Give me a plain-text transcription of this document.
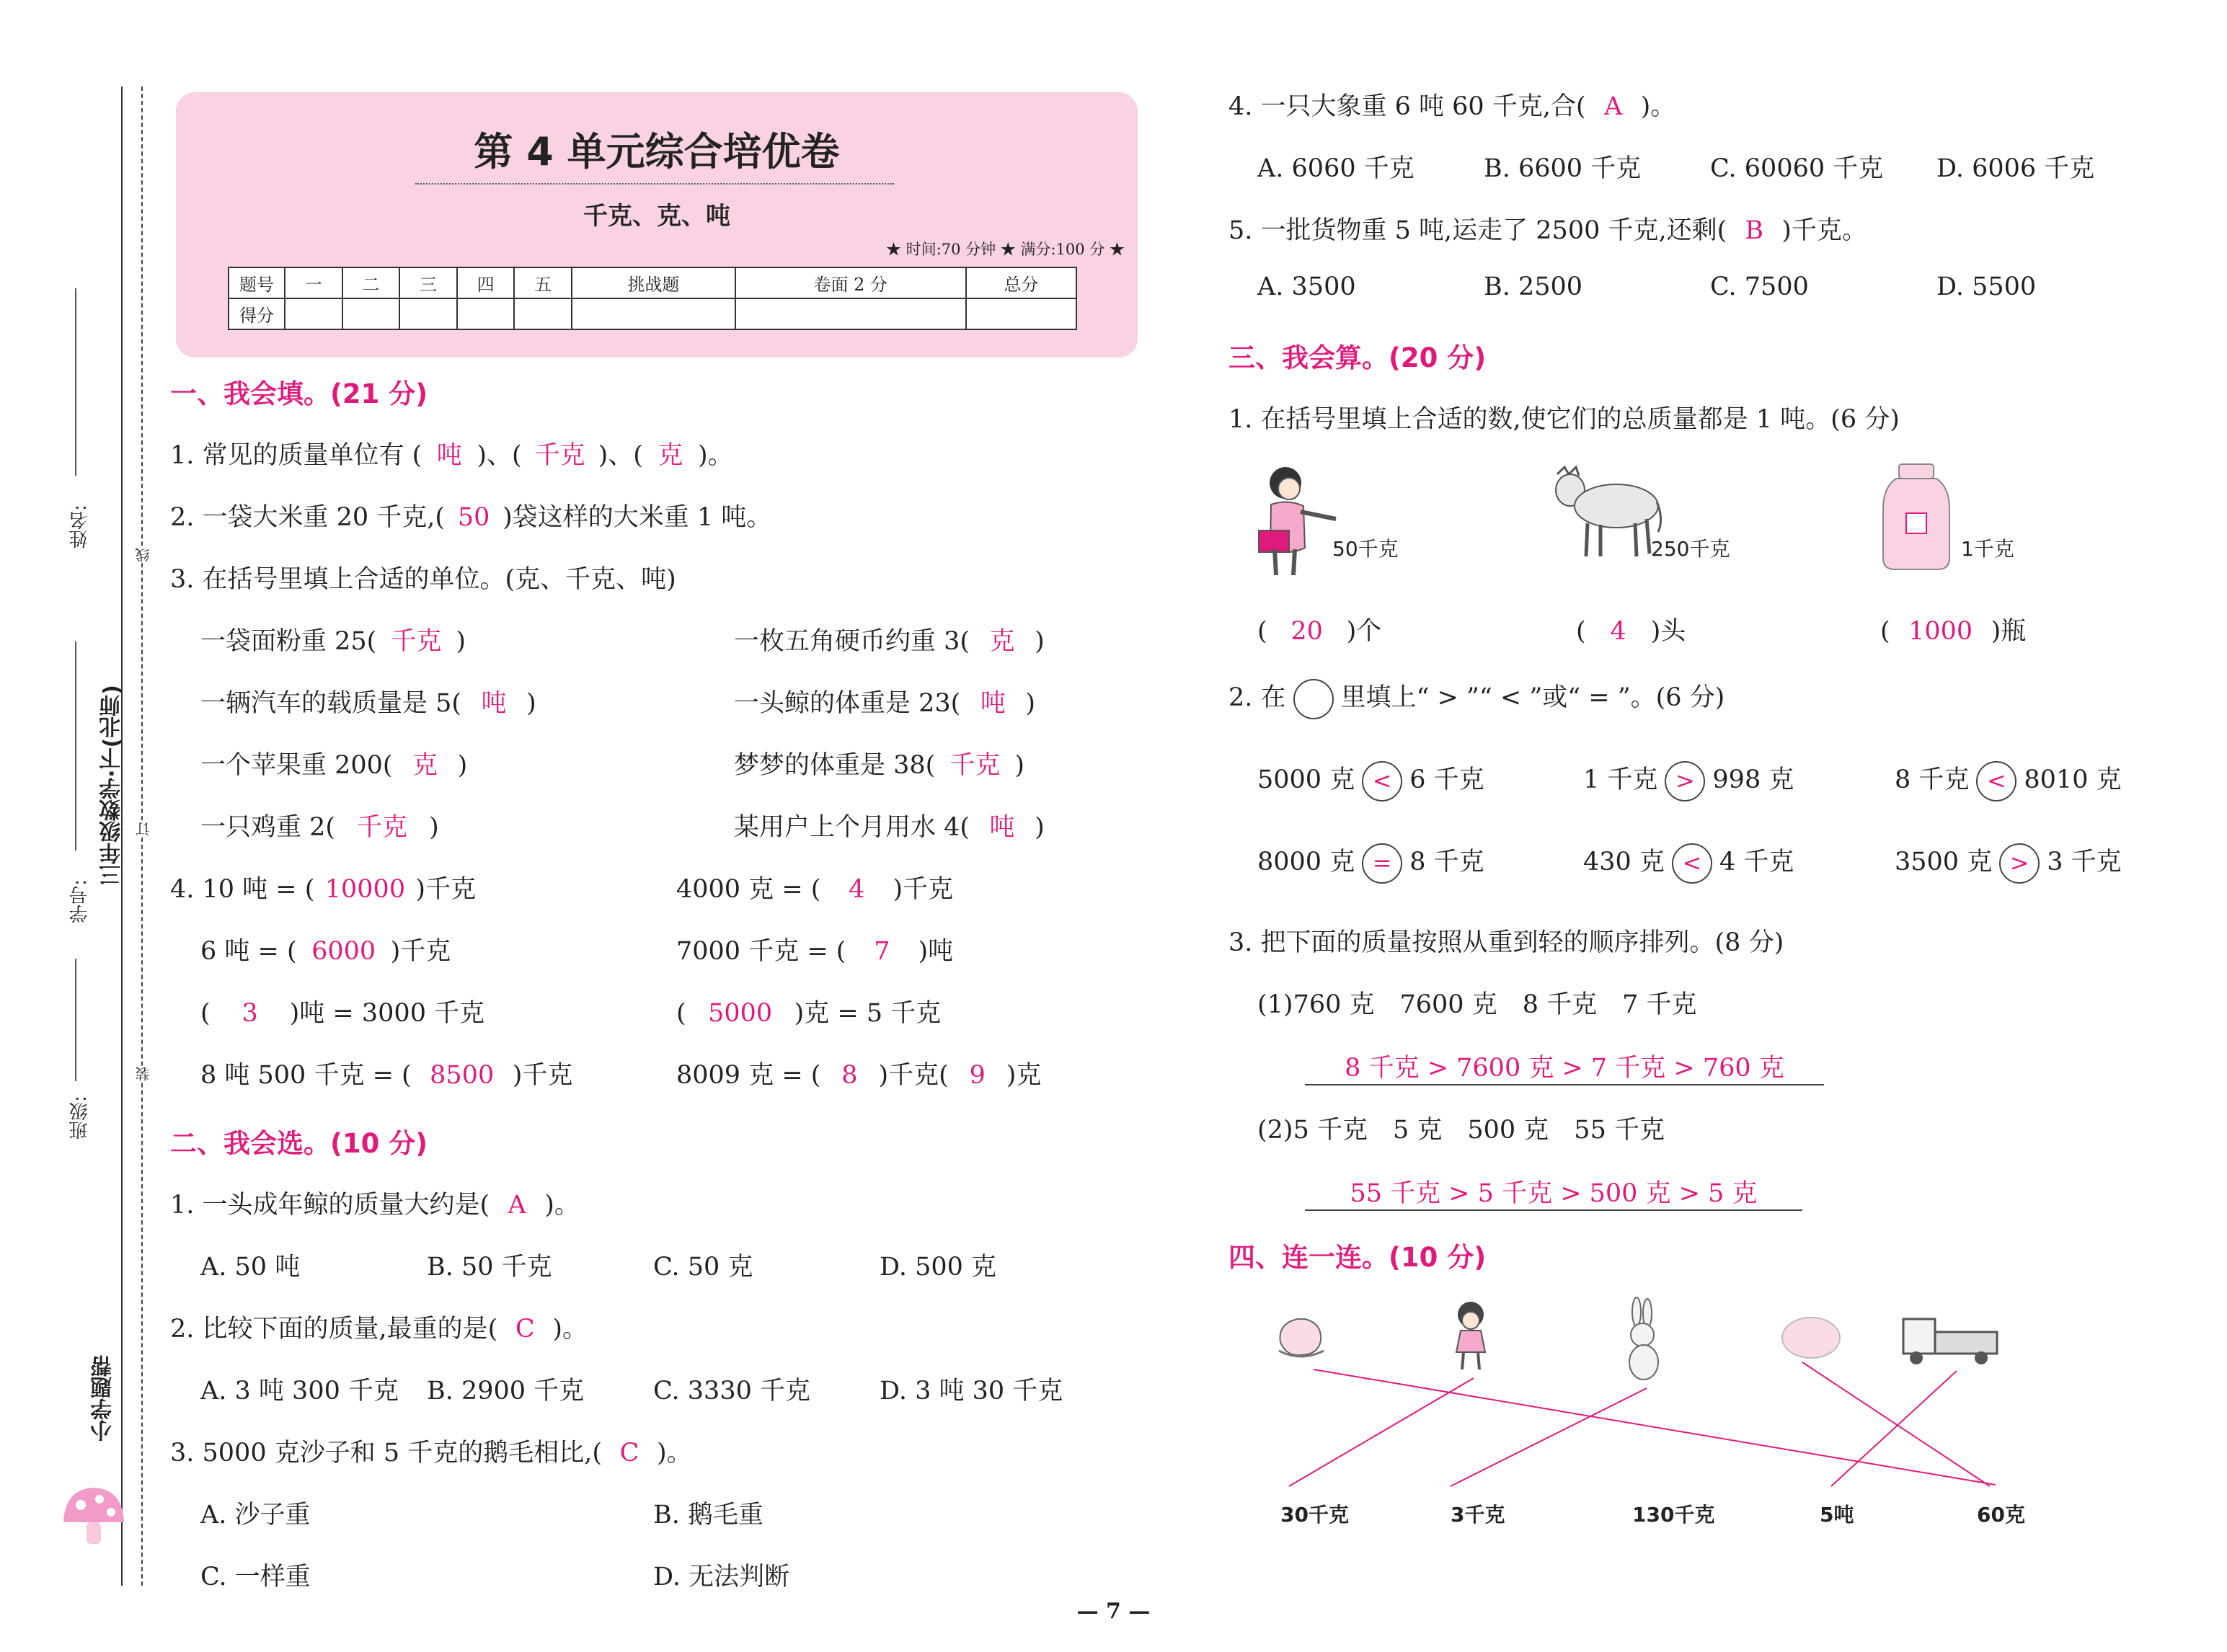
姓名:
学号:
三年级数学·下(北师)
班级:
线
订
装
小学题帮
第 4 单元综合培优卷
千克、克、吨
★ 时间:70 分钟 ★ 满分:100 分 ★
题号	一	二	三	四	五	挑战题	卷面 2 分	总分
得分								
一、我会填。(21 分)
1. 常见的质量单位有 ( 吨 )、( 千克 )、( 克 )。
2. 一袋大米重 20 千克,( 50 )袋这样的大米重 1 吨。
3. 在括号里填上合适的单位。(克、千克、吨)
一袋面粉重 25( 千克 )	一枚五角硬币约重 3( 克 )
一辆汽车的载质量是 5( 吨 )	一头鲸的体重是 23( 吨 )
一个苹果重 200( 克 )	梦梦的体重是 38( 千克 )
一只鸡重 2( 千克 )	某用户上个月用水 4( 吨 )
4. 10 吨 = ( 10000 )千克	4000 克 = ( 4 )千克
6 吨 = ( 6000 )千克	7000 千克 = ( 7 )吨
( 3 )吨 = 3000 千克	( 5000 )克 = 5 千克
8 吨 500 千克 = ( 8500 )千克	8009 克 = ( 8 )千克( 9 )克
二、我会选。(10 分)
1. 一头成年鲸的质量大约是( A )。
A. 50 吨	B. 50 千克	C. 50 克	D. 500 克
2. 比较下面的质量,最重的是( C )。
A. 3 吨 300 千克 B. 2900 千克	C. 3330 千克	D. 3 吨 30 千克
3. 5000 克沙子和 5 千克的鹅毛相比,( C )。
A. 沙子重	B. 鹅毛重
C. 一样重	D. 无法判断
4. 一只大象重 6 吨 60 千克,合( A )。
A. 6060 千克	B. 6600 千克	C. 60060 千克 D. 6006 千克
5. 一批货物重 5 吨,运走了 2500 千克,还剩( B )千克。
A. 3500	B. 2500	C. 7500	D. 5500
三、我会算。(20 分)
1. 在括号里填上合适的数,使它们的总质量都是 1 吨。(6 分)
50千克	250千克	1千克
( 20 )个	( 4 )头	( 1000 )瓶
2. 在 里填上“ > ”“ < ”或“ = ”。(6 分)
5000 克 < 6 千克	1 千克 > 998 克	8 千克 < 8010 克
8000 克 = 8 千克	430 克 < 4 千克	3500 克 > 3 千克
3. 把下面的质量按照从重到轻的顺序排列。(8 分)
(1)760 克　7600 克　8 千克　7 千克
8 千克 > 7600 克 > 7 千克 > 760 克
(2)5 千克　5 克　500 克　55 千克
55 千克 > 5 千克 > 500 克 > 5 克
四、连一连。(10 分)
30千克	3千克	130千克	5吨	60克
— 7 —
